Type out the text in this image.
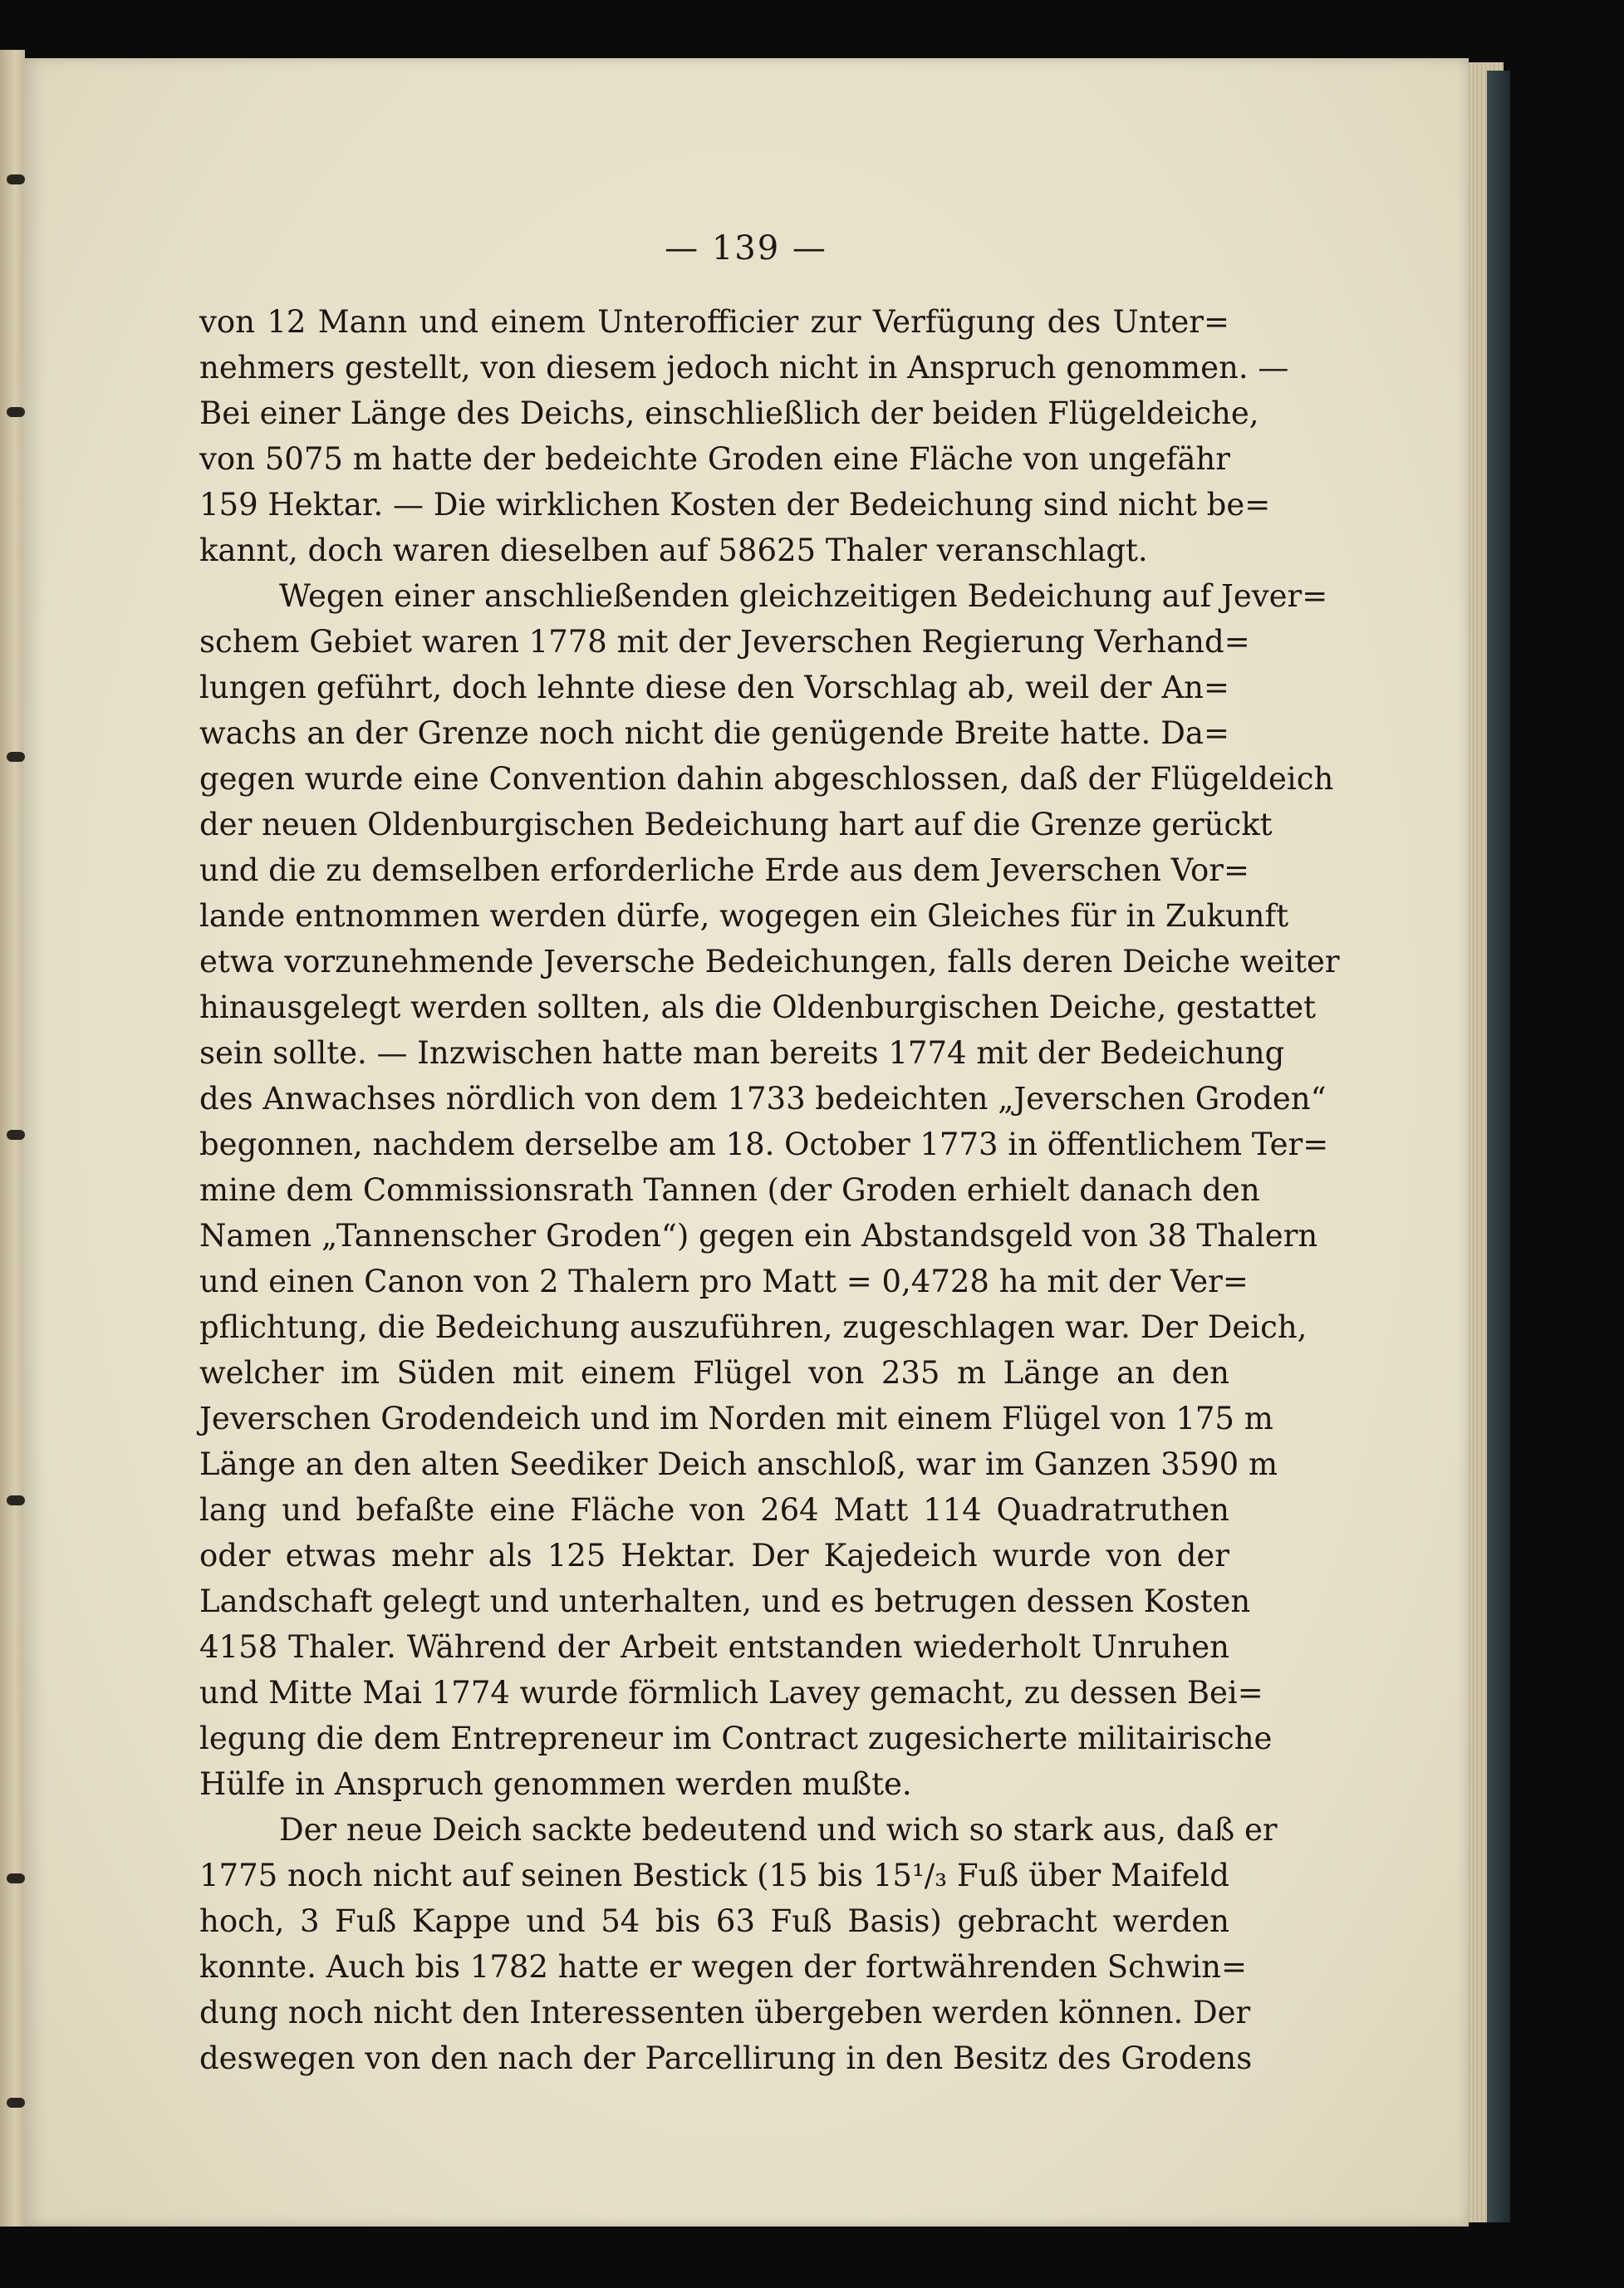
— 139 —
von 12 Mann und einem Unterofficier zur Verfügung des Unter=
nehmers gestellt, von diesem jedoch nicht in Anspruch genommen. —
Bei einer Länge des Deichs, einschließlich der beiden Flügeldeiche,
von 5075 m hatte der bedeichte Groden eine Fläche von ungefähr
159 Hektar. — Die wirklichen Kosten der Bedeichung sind nicht be=
kannt, doch waren dieselben auf 58625 Thaler veranschlagt.
Wegen einer anschließenden gleichzeitigen Bedeichung auf Jever=
schem Gebiet waren 1778 mit der Jeverschen Regierung Verhand=
lungen geführt, doch lehnte diese den Vorschlag ab, weil der An=
wachs an der Grenze noch nicht die genügende Breite hatte. Da=
gegen wurde eine Convention dahin abgeschlossen, daß der Flügeldeich
der neuen Oldenburgischen Bedeichung hart auf die Grenze gerückt
und die zu demselben erforderliche Erde aus dem Jeverschen Vor=
lande entnommen werden dürfe, wogegen ein Gleiches für in Zukunft
etwa vorzunehmende Jeversche Bedeichungen, falls deren Deiche weiter
hinausgelegt werden sollten, als die Oldenburgischen Deiche, gestattet
sein sollte. — Inzwischen hatte man bereits 1774 mit der Bedeichung
des Anwachses nördlich von dem 1733 bedeichten „Jeverschen Groden“
begonnen, nachdem derselbe am 18. October 1773 in öffentlichem Ter=
mine dem Commissionsrath Tannen (der Groden erhielt danach den
Namen „Tannenscher Groden“) gegen ein Abstandsgeld von 38 Thalern
und einen Canon von 2 Thalern pro Matt = 0,4728 ha mit der Ver=
pflichtung, die Bedeichung auszuführen, zugeschlagen war. Der Deich,
welcher im Süden mit einem Flügel von 235 m Länge an den
Jeverschen Grodendeich und im Norden mit einem Flügel von 175 m
Länge an den alten Seediker Deich anschloß, war im Ganzen 3590 m
lang und befaßte eine Fläche von 264 Matt 114 Quadratruthen
oder etwas mehr als 125 Hektar. Der Kajedeich wurde von der
Landschaft gelegt und unterhalten, und es betrugen dessen Kosten
4158 Thaler. Während der Arbeit entstanden wiederholt Unruhen
und Mitte Mai 1774 wurde förmlich Lavey gemacht, zu dessen Bei=
legung die dem Entrepreneur im Contract zugesicherte militairische
Hülfe in Anspruch genommen werden mußte.
Der neue Deich sackte bedeutend und wich so stark aus, daß er
1775 noch nicht auf seinen Bestick (15 bis 15¹/₃ Fuß über Maifeld
hoch, 3 Fuß Kappe und 54 bis 63 Fuß Basis) gebracht werden
konnte. Auch bis 1782 hatte er wegen der fortwährenden Schwin=
dung noch nicht den Interessenten übergeben werden können. Der
deswegen von den nach der Parcellirung in den Besitz des Grodens
